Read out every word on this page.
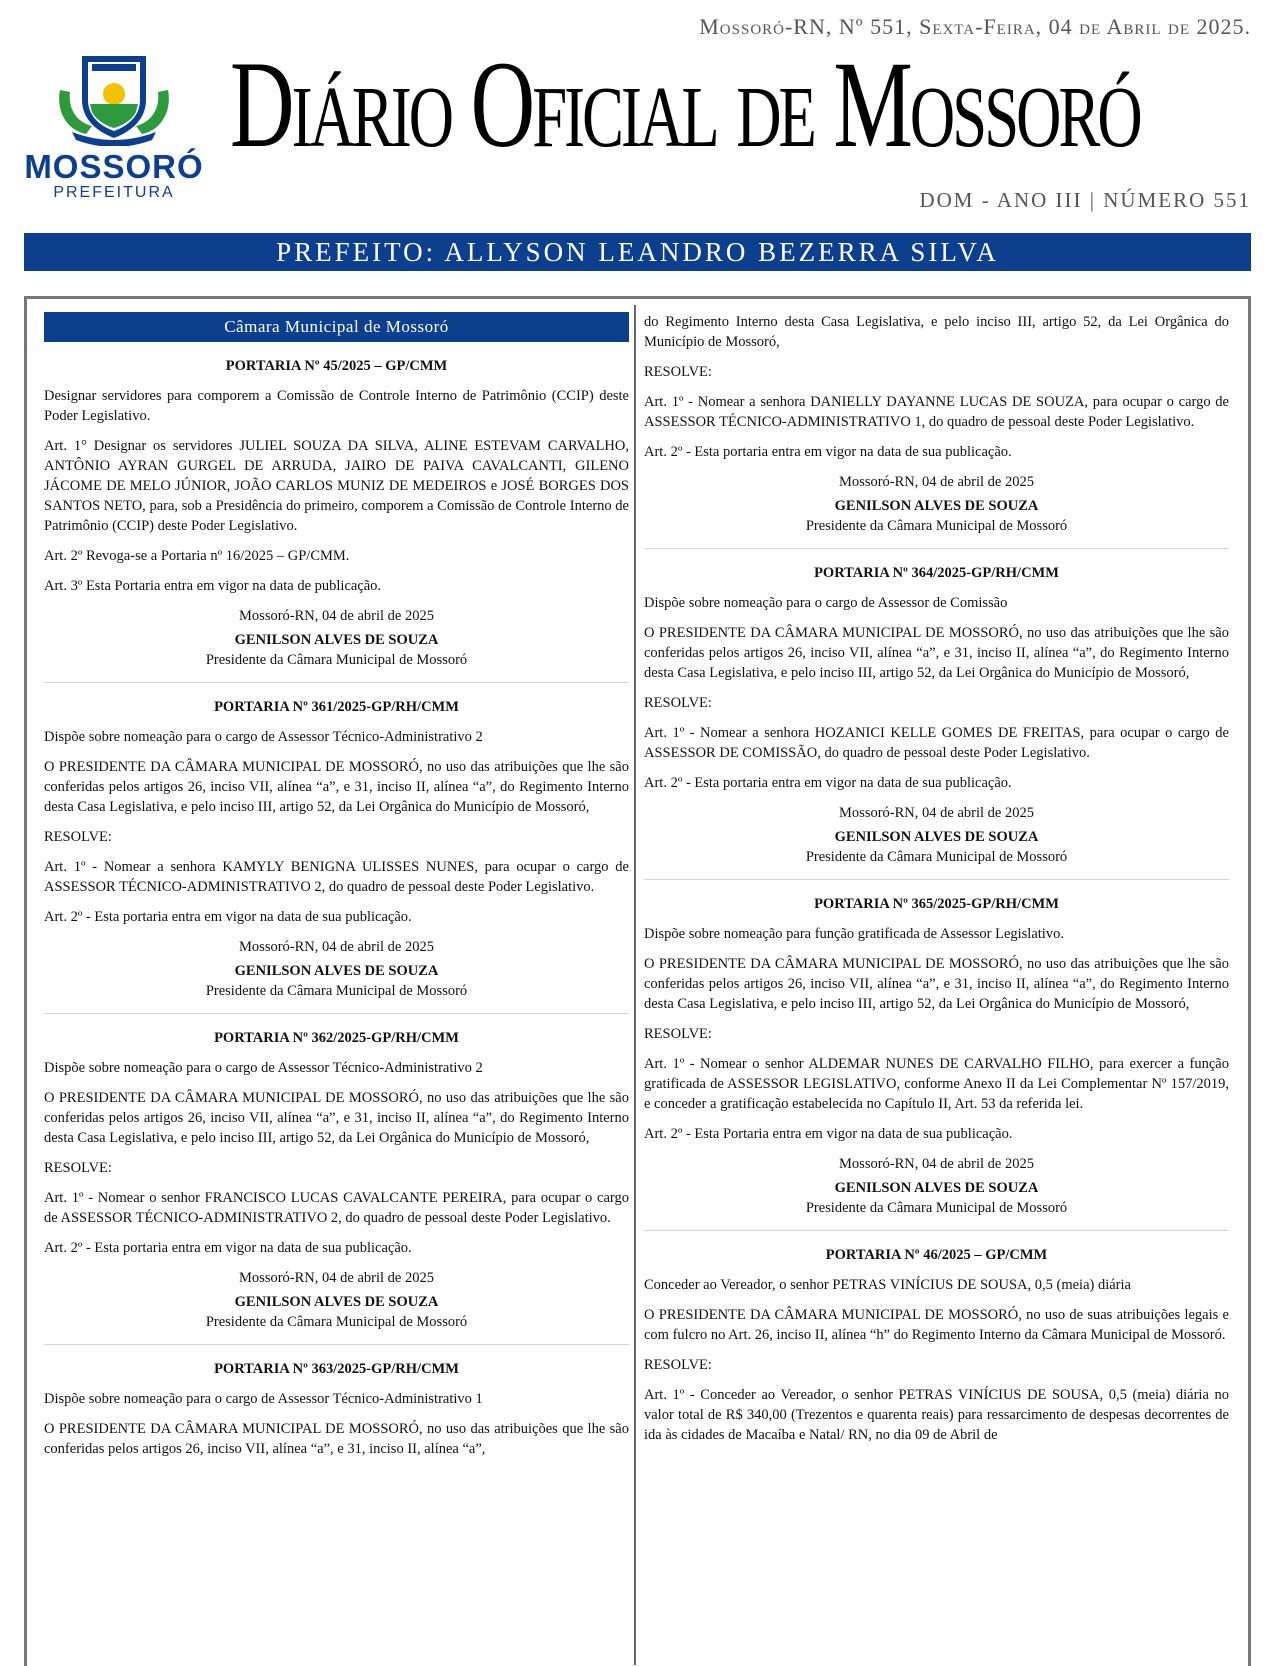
MOSSORÓ
PREFEITURA
Mossoró-RN, Nº 551, Sexta-Feira, 04 de Abril de 2025.
Diário Oficial de Mossoró
DOM - ANO III | NÚMERO 551
PREFEITO: ALLYSON LEANDRO BEZERRA SILVA
Câmara Municipal de Mossoró

PORTARIA Nº 45/2025 – GP/CMM

Designar servidores para comporem a Comissão de Controle Interno de Patrimônio (CCIP) deste Poder Legislativo.

Art. 1° Designar os servidores JULIEL SOUZA DA SILVA, ALINE ESTEVAM CARVALHO, ANTÔNIO AYRAN GURGEL DE ARRUDA, JAIRO DE PAIVA CAVALCANTI, GILENO JÁCOME DE MELO JÚNIOR, JOÃO CARLOS MUNIZ DE MEDEIROS e JOSÉ BORGES DOS SANTOS NETO, para, sob a Presidência do primeiro, comporem a Comissão de Controle Interno de Patrimônio (CCIP) deste Poder Legislativo.

Art. 2º Revoga-se a Portaria nº 16/2025 – GP/CMM.

Art. 3º Esta Portaria entra em vigor na data de publicação.

Mossoró-RN, 04 de abril de 2025

GENILSON ALVES DE SOUZA

Presidente da Câmara Municipal de Mossoró

PORTARIA Nº 361/2025-GP/RH/CMM

Dispõe sobre nomeação para o cargo de Assessor Técnico-Administrativo 2

O PRESIDENTE DA CÂMARA MUNICIPAL DE MOSSORÓ, no uso das atribuições que lhe são conferidas pelos artigos 26, inciso VII, alínea “a”, e 31, inciso II, alínea “a”, do Regimento Interno desta Casa Legislativa, e pelo inciso III, artigo 52, da Lei Orgânica do Município de Mossoró,

RESOLVE:

Art. 1º - Nomear a senhora KAMYLY BENIGNA ULISSES NUNES, para ocupar o cargo de ASSESSOR TÉCNICO-ADMINISTRATIVO 2, do quadro de pessoal deste Poder Legislativo.

Art. 2º - Esta portaria entra em vigor na data de sua publicação.

Mossoró-RN, 04 de abril de 2025

GENILSON ALVES DE SOUZA

Presidente da Câmara Municipal de Mossoró

PORTARIA Nº 362/2025-GP/RH/CMM

Dispõe sobre nomeação para o cargo de Assessor Técnico-Administrativo 2

O PRESIDENTE DA CÂMARA MUNICIPAL DE MOSSORÓ, no uso das atribuições que lhe são conferidas pelos artigos 26, inciso VII, alínea “a”, e 31, inciso II, alínea “a”, do Regimento Interno desta Casa Legislativa, e pelo inciso III, artigo 52, da Lei Orgânica do Município de Mossoró,

RESOLVE:

Art. 1º - Nomear o senhor FRANCISCO LUCAS CAVALCANTE PEREIRA, para ocupar o cargo de ASSESSOR TÉCNICO-ADMINISTRATIVO 2, do quadro de pessoal deste Poder Legislativo.

Art. 2º - Esta portaria entra em vigor na data de sua publicação.

Mossoró-RN, 04 de abril de 2025

GENILSON ALVES DE SOUZA

Presidente da Câmara Municipal de Mossoró

PORTARIA Nº 363/2025-GP/RH/CMM

Dispõe sobre nomeação para o cargo de Assessor Técnico-Administrativo 1

O PRESIDENTE DA CÂMARA MUNICIPAL DE MOSSORÓ, no uso das atribuições que lhe são conferidas pelos artigos 26, inciso VII, alínea “a”, e 31, inciso II, alínea “a”,

do Regimento Interno desta Casa Legislativa, e pelo inciso III, artigo 52, da Lei Orgânica do Município de Mossoró,

RESOLVE:

Art. 1º - Nomear a senhora DANIELLY DAYANNE LUCAS DE SOUZA, para ocupar o cargo de ASSESSOR TÉCNICO-ADMINISTRATIVO 1, do quadro de pessoal deste Poder Legislativo.

Art. 2º - Esta portaria entra em vigor na data de sua publicação.

Mossoró-RN, 04 de abril de 2025

GENILSON ALVES DE SOUZA

Presidente da Câmara Municipal de Mossoró

PORTARIA Nº 364/2025-GP/RH/CMM

Dispõe sobre nomeação para o cargo de Assessor de Comissão

O PRESIDENTE DA CÂMARA MUNICIPAL DE MOSSORÓ, no uso das atribuições que lhe são conferidas pelos artigos 26, inciso VII, alínea “a”, e 31, inciso II, alínea “a”, do Regimento Interno desta Casa Legislativa, e pelo inciso III, artigo 52, da Lei Orgânica do Município de Mossoró,

RESOLVE:

Art. 1º - Nomear a senhora HOZANICI KELLE GOMES DE FREITAS, para ocupar o cargo de ASSESSOR DE COMISSÃO, do quadro de pessoal deste Poder Legislativo.

Art. 2º - Esta portaria entra em vigor na data de sua publicação.

Mossoró-RN, 04 de abril de 2025

GENILSON ALVES DE SOUZA

Presidente da Câmara Municipal de Mossoró

PORTARIA Nº 365/2025-GP/RH/CMM

Dispõe sobre nomeação para função gratificada de Assessor Legislativo.

O PRESIDENTE DA CÂMARA MUNICIPAL DE MOSSORÓ, no uso das atribuições que lhe são conferidas pelos artigos 26, inciso VII, alínea “a”, e 31, inciso II, alínea “a”, do Regimento Interno desta Casa Legislativa, e pelo inciso III, artigo 52, da Lei Orgânica do Município de Mossoró,

RESOLVE:

Art. 1º - Nomear o senhor ALDEMAR NUNES DE CARVALHO FILHO, para exercer a função gratificada de ASSESSOR LEGISLATIVO, conforme Anexo II da Lei Complementar Nº 157/2019, e conceder a gratificação estabelecida no Capítulo II, Art. 53 da referida lei.

Art. 2º - Esta Portaria entra em vigor na data de sua publicação.

Mossoró-RN, 04 de abril de 2025

GENILSON ALVES DE SOUZA

Presidente da Câmara Municipal de Mossoró

PORTARIA Nº 46/2025 – GP/CMM

Conceder ao Vereador, o senhor PETRAS VINÍCIUS DE SOUSA, 0,5 (meia) diária

O PRESIDENTE DA CÂMARA MUNICIPAL DE MOSSORÓ, no uso de suas atribuições legais e com fulcro no Art. 26, inciso II, alínea “h” do Regimento Interno da Câmara Municipal de Mossoró.

RESOLVE:

Art. 1º - Conceder ao Vereador, o senhor PETRAS VINÍCIUS DE SOUSA, 0,5 (meia) diária no valor total de R$ 340,00 (Trezentos e quarenta reais) para ressarcimento de despesas decorrentes de ida às cidades de Macaíba e Natal/ RN, no dia 09 de Abril de
